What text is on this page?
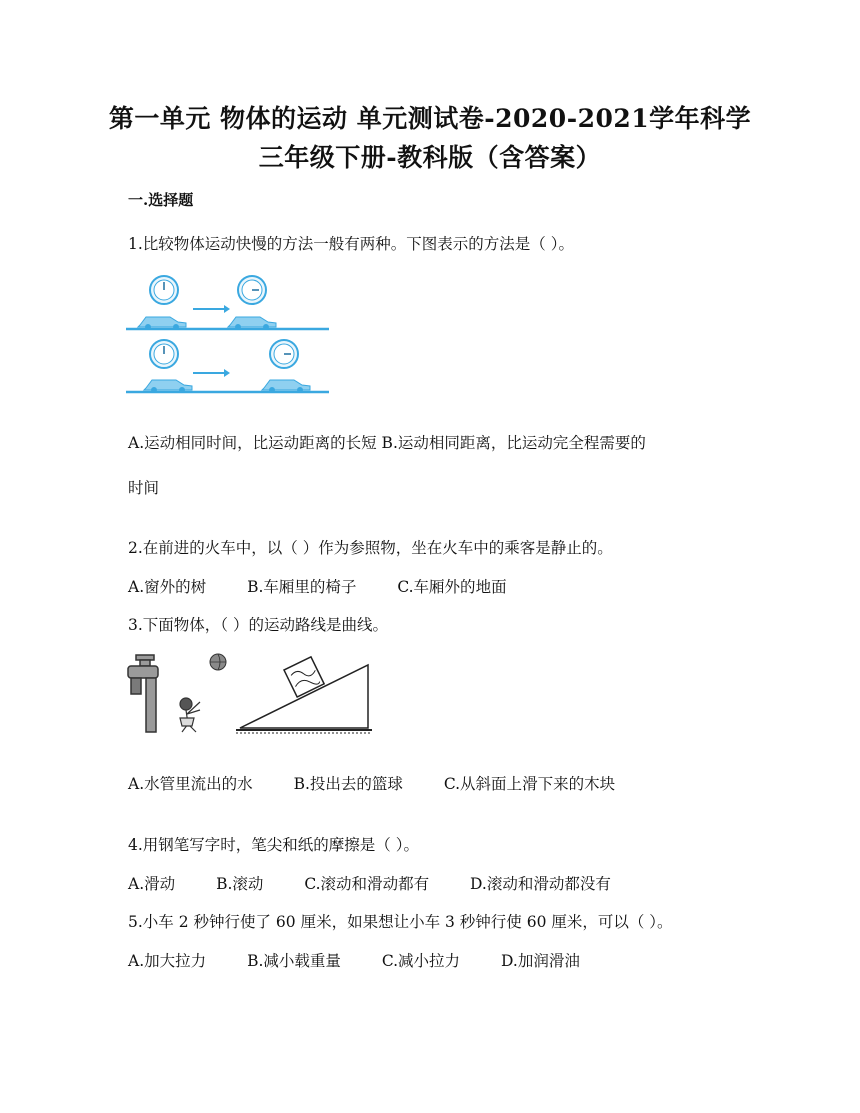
第一单元 物体的运动 单元测试卷-2020-2021学年科学
三年级下册-教科版（含答案）
一.选择题
1.比较物体运动快慢的方法一般有两种。下图表示的方法是（ ）。
A.运动相同时间，比运动距离的长短 B.运动相同距离，比运动完全程需要的
时间
2.在前进的火车中，以（ ）作为参照物，坐在火车中的乘客是静止的。
A.窗外的树	B.车厢里的椅子	C.车厢外的地面
3.下面物体，（ ）的运动路线是曲线。
A.水管里流出的水	B.投出去的篮球	C.从斜面上滑下来的木块
4.用钢笔写字时，笔尖和纸的摩擦是（ ）。
A.滑动	B.滚动	C.滚动和滑动都有	D.滚动和滑动都没有
5.小车 2 秒钟行使了 60 厘米，如果想让小车 3 秒钟行使 60 厘米，可以（ ）。
A.加大拉力	B.减小载重量	C.减小拉力	D.加润滑油
